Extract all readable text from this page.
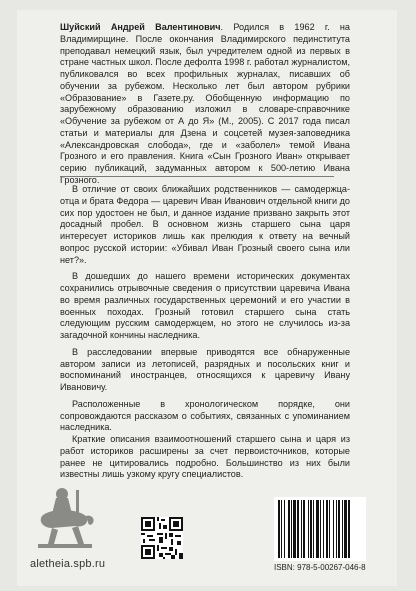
Шуйский Андрей Валентинович. Родился в 1962 г. на Владимирщине. После окончания Владимирского пединститута преподавал немецкий язык, был учредителем одной из первых в стране частных школ. После дефолта 1998 г. работал журналистом, публиковался во всех профильных журналах, писавших об обучении за рубежом. Несколько лет был автором рубрики «Образование» в Газете.ру. Обобщенную информацию по зарубежному образованию изложил в словаре-справочнике «Обучение за рубежом от А до Я» (М., 2005). С 2017 года писал статьи и материалы для Дзена и соцсетей музея-заповедника «Александровская слобода», где и «заболел» темой Ивана Грозного и его правления. Книга «Сын Грозного Иван» открывает серию публикаций, задуманных автором к 500-летию Ивана Грозного.

В отличие от своих ближайших родственников — самодержца-отца и брата Федора — царевич Иван Иванович отдельной книги до сих пор удостоен не был, и данное издание призвано закрыть этот досадный пробел. В основном жизнь старшего сына царя интересует историков лишь как прелюдия к ответу на вечный вопрос русской истории: «Убивал Иван Грозный своего сына или нет?».

В дошедших до нашего времени исторических документах сохранились отрывочные сведения о присутствии царевича Ивана во время различных государственных церемоний и его участии в военных походах. Грозный готовил старшего сына стать следующим русским самодержцем, но этого не случилось из-за загадочной кончины наследника.

В расследовании впервые приводятся все обнаруженные автором записи из летописей, разрядных и посольских книг и воспоминаний иностранцев, относящихся к царевичу Ивану Ивановичу.

Расположенные в хронологическом порядке, они сопровождаются рассказом о событиях, связанных с упоминанием наследника.

Краткие описания взаимоотношений старшего сына и царя из работ историков расширены за счет первоисточников, которые ранее не цитировались подробно. Большинство из них были известны лишь узкому кругу специалистов.

aletheia.spb.ru	ISBN: 978-5-00267-046-8
